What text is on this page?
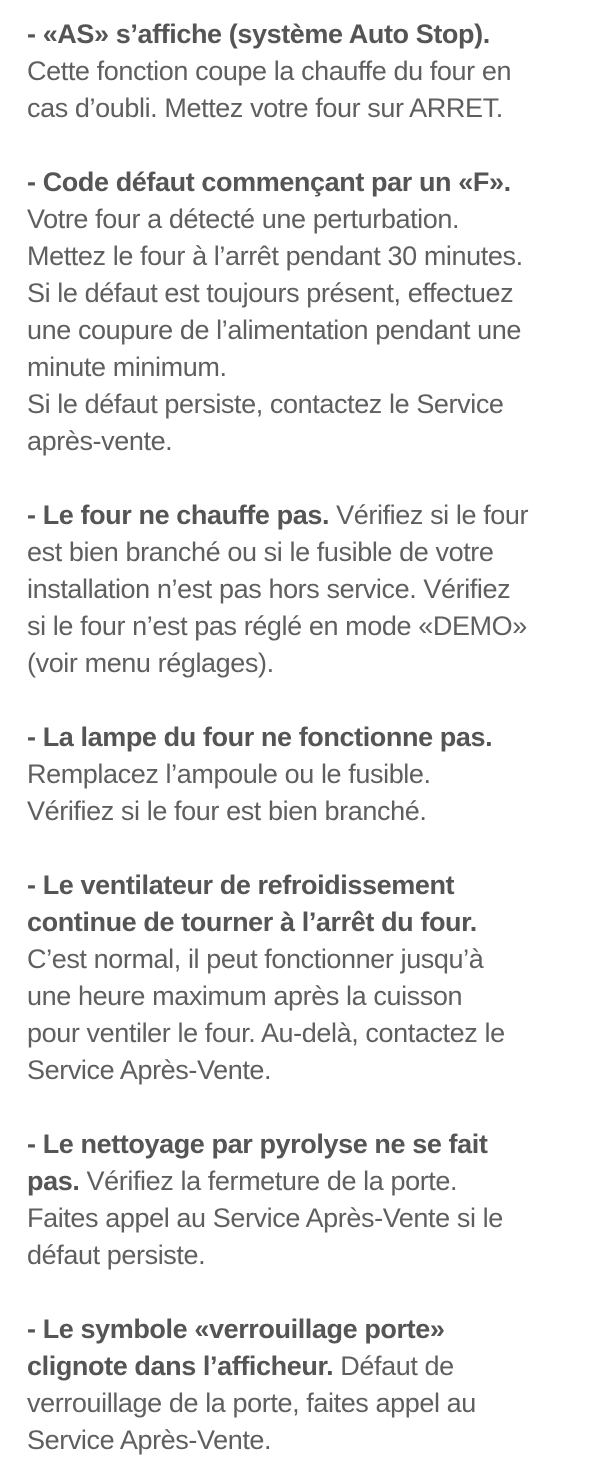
- «AS» s’affiche (système Auto Stop).
Cette fonction coupe la chauffe du four en
cas d’oubli. Mettez votre four sur ARRET.
- Code défaut commençant par un «F».
Votre four a détecté une perturbation.
Mettez le four à l’arrêt pendant 30 minutes.
Si le défaut est toujours présent, effectuez
une coupure de l’alimentation pendant une
minute minimum.
Si le défaut persiste, contactez le Service
après-vente.
- Le four ne chauffe pas. Vérifiez si le four
est bien branché ou si le fusible de votre
installation n’est pas hors service. Vérifiez
si le four n’est pas réglé en mode «DEMO»
(voir menu réglages).
- La lampe du four ne fonctionne pas.
Remplacez l’ampoule ou le fusible.
Vérifiez si le four est bien branché.
- Le ventilateur de refroidissement
continue de tourner à l’arrêt du four.
C’est normal, il peut fonctionner jusqu’à
une heure maximum après la cuisson
pour ventiler le four. Au-delà, contactez le
Service Après-Vente.
- Le nettoyage par pyrolyse ne se fait
pas. Vérifiez la fermeture de la porte.
Faites appel au Service Après-Vente si le
défaut persiste.
- Le symbole «verrouillage porte»
clignote dans l’afficheur. Défaut de
verrouillage de la porte, faites appel au
Service Après-Vente.
